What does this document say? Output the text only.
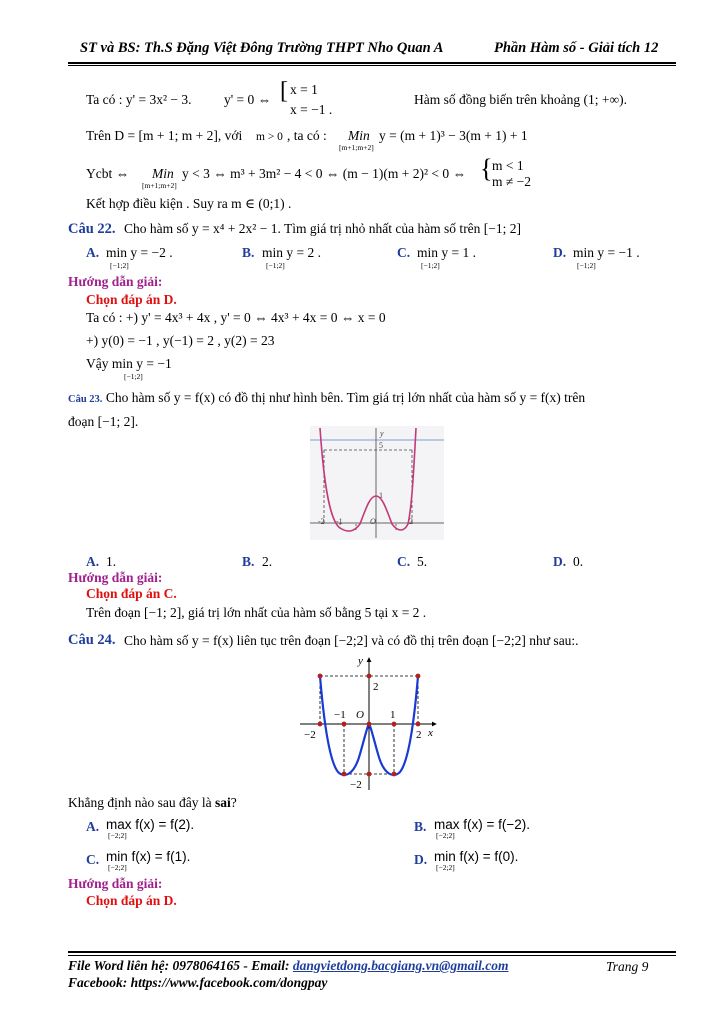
ST và BS: Th.S Đặng Việt Đông Trường THPT Nho Quan A	Phần Hàm số - Giải tích 12
Ta có : y' = 3x² − 3. y' = 0 ⇔ [ x = 1
x = −1 .
Hàm số đồng biến trên khoảng (1; +∞).
Trên D = [m + 1; m + 2], với m > 0 , ta có : Min
[m+1;m+2]
y = (m + 1)³ − 3(m + 1) + 1
Ycbt ⇔ Min
[m+1;m+2]
y < 3 ⇔ m³ + 3m² − 4 < 0 ⇔ (m − 1)(m + 2)² < 0 ⇔ { m < 1
m ≠ −2
Kết hợp điều kiện . Suy ra m ∈ (0;1) .
Câu 22. Cho hàm số y = x⁴ + 2x² − 1. Tìm giá trị nhỏ nhất của hàm số trên [−1; 2]
A. min y = −2 .
[−1;2]
B. min y = 2 .
[−1;2]
C. min y = 1 .
[−1;2]
D. min y = −1 .
[−1;2]
Hướng dẫn giải:
Chọn đáp án D.
Ta có : +) y' = 4x³ + 4x , y' = 0 ⇔ 4x³ + 4x = 0 ⇔ x = 0
+) y(0) = −1 , y(−1) = 2 , y(2) = 23
Vậy min y = −1
[−1;2]
Câu 23. Cho hàm số y = f(x) có đồ thị như hình bên. Tìm giá trị lớn nhất của hàm số y = f(x) trên
đoạn [−1; 2].
y
5
1
-2 -1	O	2
A. 1.	B. 2.	C. 5.	D. 0.
Hướng dẫn giải:
Chọn đáp án C.
Trên đoạn [−1; 2], giá trị lớn nhất của hàm số bằng 5 tại x = 2 .
Câu 24. Cho hàm số y = f(x) liên tục trên đoạn [−2;2] và có đồ thị trên đoạn [−2;2] như sau:.
y
2
−1 O 1
−2	2 x
−2
Khẳng định nào sau đây là sai?
A. max f(x) = f(2).
[−2;2]
B. max f(x) = f(−2).
[−2;2]
C. min f(x) = f(1).
[−2;2]
D. min f(x) = f(0).
[−2;2]
Hướng dẫn giải:
Chọn đáp án D.
File Word liên hệ: 0978064165 - Email: dangvietdong.bacgiang.vn@gmail.com	Trang 9
Facebook: https://www.facebook.com/dongpay
